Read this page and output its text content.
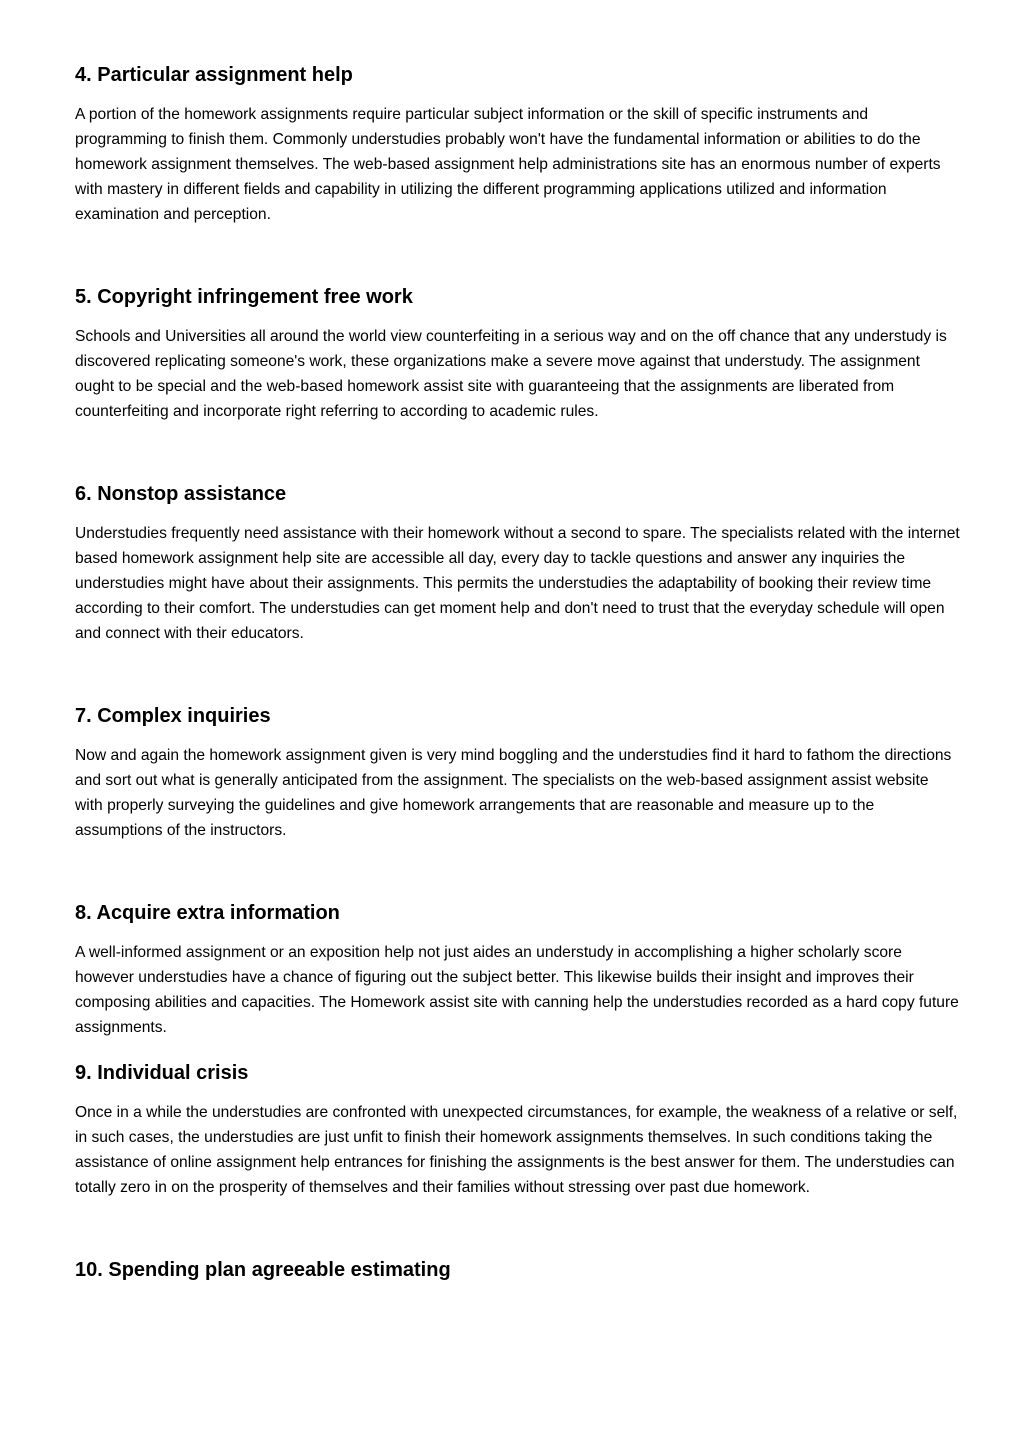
4. Particular assignment help

A portion of the homework assignments require particular subject information or the skill of specific instruments and programming to finish them. Commonly understudies probably won't have the fundamental information or abilities to do the homework assignment themselves. The web-based assignment help administrations site has an enormous number of experts with mastery in different fields and capability in utilizing the different programming applications utilized and information examination and perception.

5. Copyright infringement free work

Schools and Universities all around the world view counterfeiting in a serious way and on the off chance that any understudy is discovered replicating someone's work, these organizations make a severe move against that understudy. The assignment ought to be special and the web-based homework assist site with guaranteeing that the assignments are liberated from counterfeiting and incorporate right referring to according to academic rules.

6. Nonstop assistance

Understudies frequently need assistance with their homework without a second to spare. The specialists related with the internet based homework assignment help site are accessible all day, every day to tackle questions and answer any inquiries the understudies might have about their assignments. This permits the understudies the adaptability of booking their review time according to their comfort. The understudies can get moment help and don't need to trust that the everyday schedule will open and connect with their educators.

7. Complex inquiries

Now and again the homework assignment given is very mind boggling and the understudies find it hard to fathom the directions and sort out what is generally anticipated from the assignment. The specialists on the web-based assignment assist website with properly surveying the guidelines and give homework arrangements that are reasonable and measure up to the assumptions of the instructors.

8. Acquire extra information

A well-informed assignment or an exposition help not just aides an understudy in accomplishing a higher scholarly score however understudies have a chance of figuring out the subject better. This likewise builds their insight and improves their composing abilities and capacities. The Homework assist site with canning help the understudies recorded as a hard copy future assignments.

9. Individual crisis

Once in a while the understudies are confronted with unexpected circumstances, for example, the weakness of a relative or self, in such cases, the understudies are just unfit to finish their homework assignments themselves. In such conditions taking the assistance of online assignment help entrances for finishing the assignments is the best answer for them. The understudies can totally zero in on the prosperity of themselves and their families without stressing over past due homework.

10. Spending plan agreeable estimating
